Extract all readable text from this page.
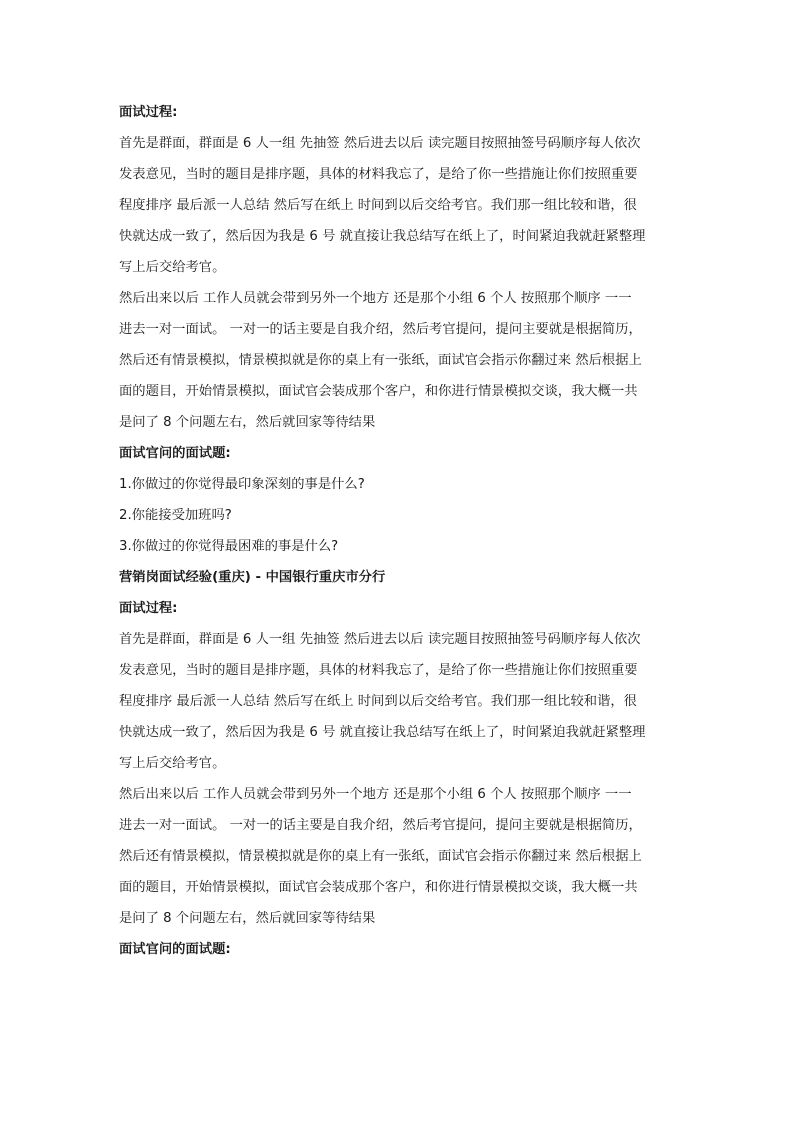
面试过程:

首先是群面，群面是 6 人一组 先抽签 然后进去以后 读完题目按照抽签号码顺序每人依次
发表意见，当时的题目是排序题，具体的材料我忘了，是给了你一些措施让你们按照重要
程度排序 最后派一人总结 然后写在纸上 时间到以后交给考官。我们那一组比较和谐，很
快就达成一致了，然后因为我是 6 号 就直接让我总结写在纸上了，时间紧迫我就赶紧整理
写上后交给考官。
然后出来以后 工作人员就会带到另外一个地方 还是那个小组 6 个人 按照那个顺序 一一
进去一对一面试。 一对一的话主要是自我介绍，然后考官提问，提问主要就是根据简历，
然后还有情景模拟，情景模拟就是你的桌上有一张纸，面试官会指示你翻过来 然后根据上
面的题目，开始情景模拟，面试官会装成那个客户，和你进行情景模拟交谈，我大概一共
是问了 8 个问题左右，然后就回家等待结果

面试官问的面试题:

1.你做过的你觉得最印象深刻的事是什么?

2.你能接受加班吗?

3.你做过的你觉得最困难的事是什么?

营销岗面试经验(重庆) - 中国银行重庆市分行

面试过程:

首先是群面，群面是 6 人一组 先抽签 然后进去以后 读完题目按照抽签号码顺序每人依次
发表意见，当时的题目是排序题，具体的材料我忘了，是给了你一些措施让你们按照重要
程度排序 最后派一人总结 然后写在纸上 时间到以后交给考官。我们那一组比较和谐，很
快就达成一致了，然后因为我是 6 号 就直接让我总结写在纸上了，时间紧迫我就赶紧整理
写上后交给考官。
然后出来以后 工作人员就会带到另外一个地方 还是那个小组 6 个人 按照那个顺序 一一
进去一对一面试。 一对一的话主要是自我介绍，然后考官提问，提问主要就是根据简历，
然后还有情景模拟，情景模拟就是你的桌上有一张纸，面试官会指示你翻过来 然后根据上
面的题目，开始情景模拟，面试官会装成那个客户，和你进行情景模拟交谈，我大概一共
是问了 8 个问题左右，然后就回家等待结果

面试官问的面试题:
